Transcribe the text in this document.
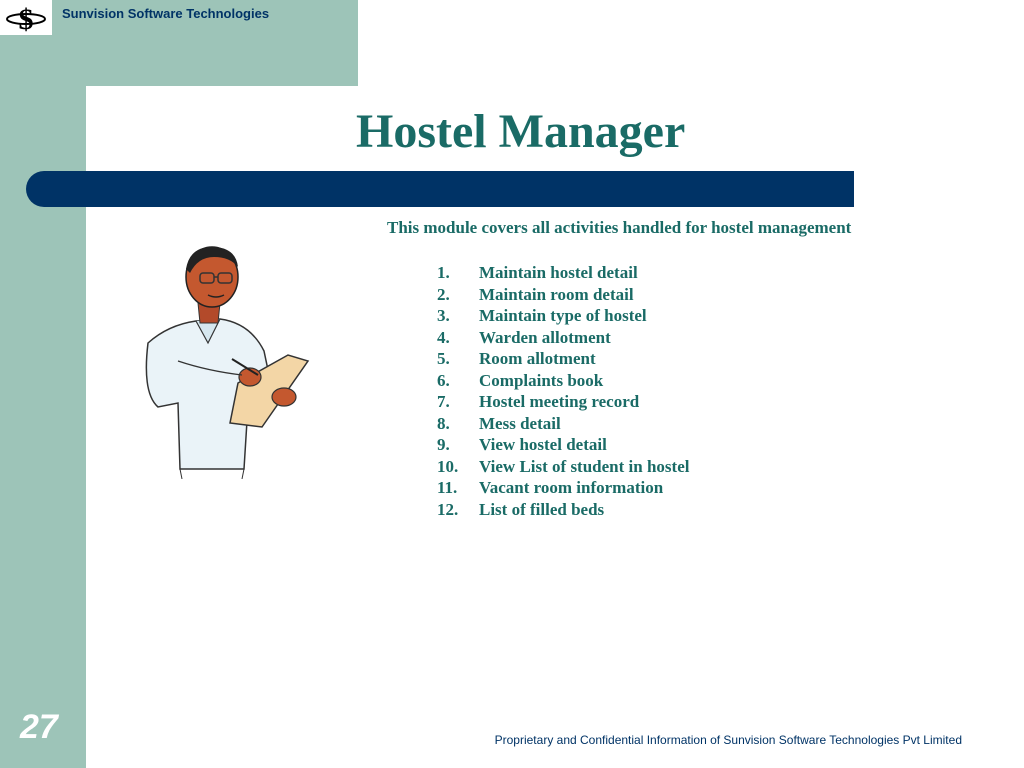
$ Sunvision Software Technologies
Hostel Manager
This module covers all activities handled for hostel management
1.	Maintain hostel detail
2.	Maintain room detail
3.	Maintain type of hostel
4.	Warden allotment
5.	Room allotment
6.	Complaints book
7.	Hostel meeting record
8.	Mess detail
9.	View hostel detail
10.	View List of student in hostel
11.	Vacant room information
12.	List of filled beds
27	Proprietary and Confidential Information of Sunvision Software Technologies Pvt Limited
